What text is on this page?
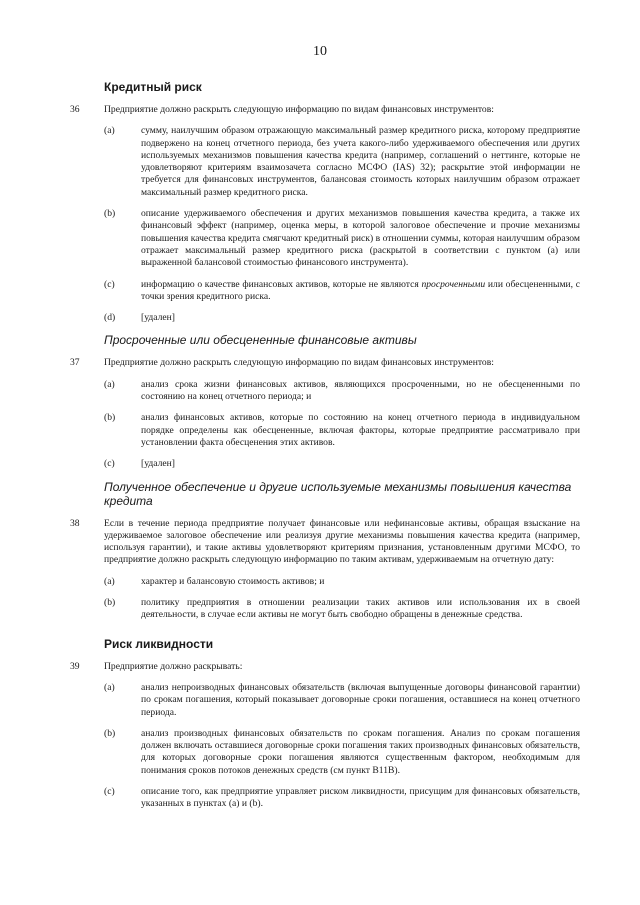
10
Кредитный риск
36	Предприятие должно раскрыть следующую информацию по видам финансовых инструментов:
(a)	сумму, наилучшим образом отражающую максимальный размер кредитного риска, которому предприятие подвержено на конец отчетного периода, без учета какого-либо удерживаемого обеспечения или других используемых механизмов повышения качества кредита (например, соглашений о неттинге, которые не удовлетворяют критериям взаимозачета согласно МСФО (IAS) 32); раскрытие этой информации не требуется для финансовых инструментов, балансовая стоимость которых наилучшим образом отражает максимальный размер кредитного риска.
(b)	описание удерживаемого обеспечения и других механизмов повышения качества кредита, а также их финансовый эффект (например, оценка меры, в которой залоговое обеспечение и прочие механизмы повышения качества кредита смягчают кредитный риск) в отношении суммы, которая наилучшим образом отражает максимальный размер кредитного риска (раскрытой в соответствии с пунктом (a) или выраженной балансовой стоимостью финансового инструмента).
(c)	информацию о качестве финансовых активов, которые не являются просроченными или обесцененными, с точки зрения кредитного риска.
(d)	[удален]
Просроченные или обесцененные финансовые активы
37	Предприятие должно раскрыть следующую информацию по видам финансовых инструментов:
(a)	анализ срока жизни финансовых активов, являющихся просроченными, но не обесцененными по состоянию на конец отчетного периода; и
(b)	анализ финансовых активов, которые по состоянию на конец отчетного периода в индивидуальном порядке определены как обесцененные, включая факторы, которые предприятие рассматривало при установлении факта обесценения этих активов.
(c)	[удален]
Полученное обеспечение и другие используемые механизмы повышения качества кредита
38	Если в течение периода предприятие получает финансовые или нефинансовые активы, обращая взыскание на удерживаемое залоговое обеспечение или реализуя другие механизмы повышения качества кредита (например, используя гарантии), и такие активы удовлетворяют критериям признания, установленным другими МСФО, то предприятие должно раскрыть следующую информацию по таким активам, удерживаемым на отчетную дату:
(a)	характер и балансовую стоимость активов; и
(b)	политику предприятия в отношении реализации таких активов или использования их в своей деятельности, в случае если активы не могут быть свободно обращены в денежные средства.
Риск ликвидности
39	Предприятие должно раскрывать:
(a)	анализ непроизводных финансовых обязательств (включая выпущенные договоры финансовой гарантии) по срокам погашения, который показывает договорные сроки погашения, оставшиеся на конец отчетного периода.
(b)	анализ производных финансовых обязательств по срокам погашения. Анализ по срокам погашения должен включать оставшиеся договорные сроки погашения таких производных финансовых обязательств, для которых договорные сроки погашения являются существенным фактором, необходимым для понимания сроков потоков денежных средств (см пункт B11B).
(c)	описание того, как предприятие управляет риском ликвидности, присущим для финансовых обязательств, указанных в пунктах (a) и (b).
